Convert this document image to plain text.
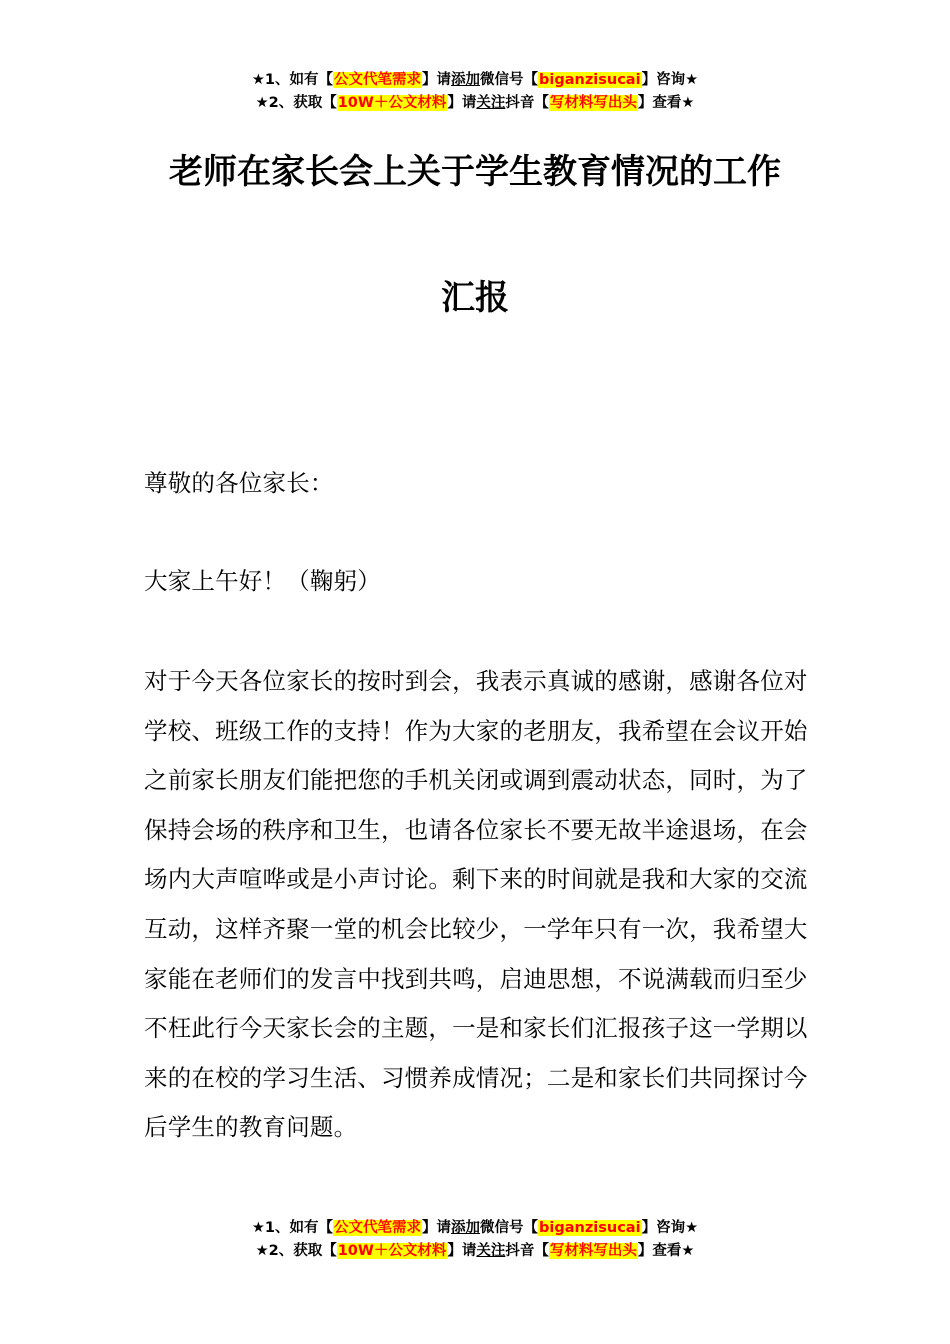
★1、如有【公文代笔需求】请添加微信号【biganzisucai】咨询★
★2、获取【10W＋公文材料】请关注抖音【写材料写出头】查看★
老师在家长会上关于学生教育情况的工作
汇报

尊敬的各位家长：

大家上午好！（鞠躬）

对于今天各位家长的按时到会，我表示真诚的感谢，感谢各位对学校、班级工作的支持！作为大家的老朋友，我希望在会议开始之前家长朋友们能把您的手机关闭或调到震动状态，同时，为了保持会场的秩序和卫生，也请各位家长不要无故半途退场，在会场内大声喧哗或是小声讨论。剩下来的时间就是我和大家的交流互动，这样齐聚一堂的机会比较少，一学年只有一次，我希望大家能在老师们的发言中找到共鸣，启迪思想，不说满载而归至少不枉此行今天家长会的主题，一是和家长们汇报孩子这一学期以来的在校的学习生活、习惯养成情况；二是和家长们共同探讨今后学生的教育问题。

★1、如有【公文代笔需求】请添加微信号【biganzisucai】咨询★
★2、获取【10W＋公文材料】请关注抖音【写材料写出头】查看★
